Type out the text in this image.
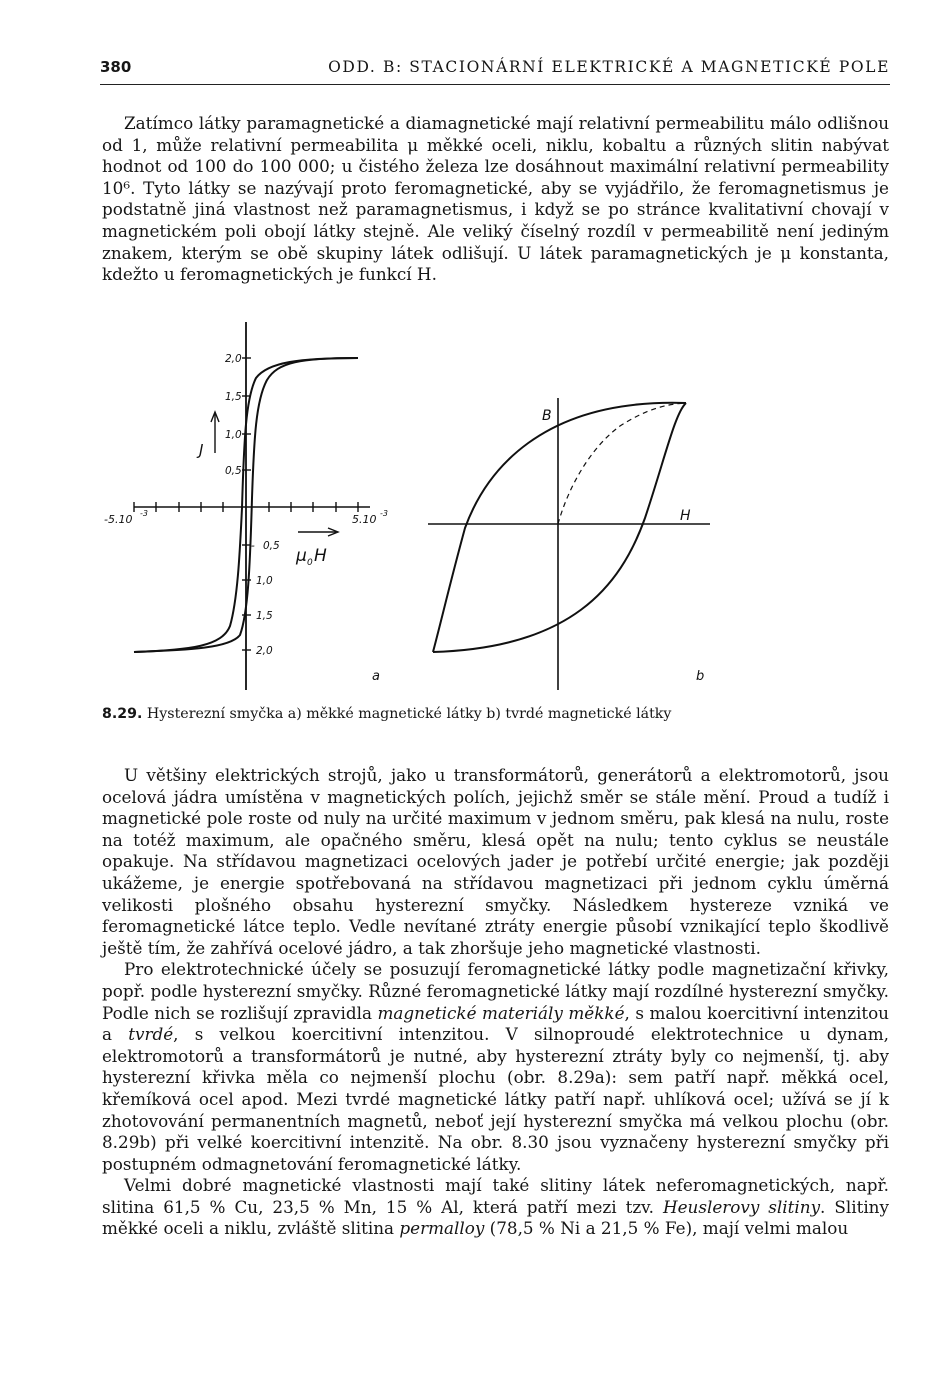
380	ODD. B: STACIONÁRNÍ ELEKTRICKÉ A MAGNETICKÉ POLE

Zatímco látky paramagnetické a diamagnetické mají relativní permeabilitu málo odlišnou od 1, může relativní permeabilita μ měkké oceli, niklu, kobaltu a různých slitin nabývat hodnot od 100 do 100 000; u čistého železa lze dosáhnout maximální relativní permeability 10⁶. Tyto látky se nazývají proto feromagnetické, aby se vyjádřilo, že feromagnetismus je podstatně jiná vlastnost než paramagnetismus, i když se po stránce kvalitativní chovají v magnetickém poli obojí látky stejně. Ale veliký číselný rozdíl v permeabilitě není jediným znakem, kterým se obě skupiny látek odlišují. U látek paramagnetických je μ konstanta, kdežto u feromagnetických je funkcí H.

2,0
1,5
1,0
0,5
- 0,5
1,0
1,5
2,0
-5.10 -3	5.10 -3
J
μ 0 H
a
B
H
b
8.29. Hysterezní smyčka a) měkké magnetické látky b) tvrdé magnetické látky

U většiny elektrických strojů, jako u transformátorů, generátorů a elektromotorů, jsou ocelová jádra umístěna v magnetických polích, jejichž směr se stále mění. Proud a tudíž i magnetické pole roste od nuly na určité maximum v jednom směru, pak klesá na nulu, roste na totéž maximum, ale opačného směru, klesá opět na nulu; tento cyklus se neustále opakuje. Na střídavou magnetizaci ocelových jader je potřebí určité energie; jak později ukážeme, je energie spotřebovaná na střídavou magnetizaci při jednom cyklu úměrná velikosti plošného obsahu hysterezní smyčky. Následkem hystereze vzniká ve feromagnetické látce teplo. Vedle nevítané ztráty energie působí vznikající teplo škodlivě ještě tím, že zahřívá ocelové jádro, a tak zhoršuje jeho magnetické vlastnosti.

Pro elektrotechnické účely se posuzují feromagnetické látky podle magnetizační křivky, popř. podle hysterezní smyčky. Různé feromagnetické látky mají rozdílné hysterezní smyčky. Podle nich se rozlišují zpravidla magnetické materiály měkké, s malou koercitivní intenzitou a tvrdé, s velkou koercitivní intenzitou. V silnoproudé elektrotechnice u dynam, elektromotorů a transformátorů je nutné, aby hysterezní ztráty byly co nejmenší, tj. aby hysterezní křivka měla co nejmenší plochu (obr. 8.29a): sem patří např. měkká ocel, křemíková ocel apod. Mezi tvrdé magnetické látky patří např. uhlíková ocel; užívá se jí k zhotovování permanentních magnetů, neboť její hysterezní smyčka má velkou plochu (obr. 8.29b) při velké koercitivní intenzitě. Na obr. 8.30 jsou vyznačeny hysterezní smyčky při postupném odmagnetování feromagnetické látky.

Velmi dobré magnetické vlastnosti mají také slitiny látek neferomagnetických, např. slitina 61,5 % Cu, 23,5 % Mn, 15 % Al, která patří mezi tzv. Heuslerovy slitiny. Slitiny měkké oceli a niklu, zvláště slitina permalloy (78,5 % Ni a 21,5 % Fe), mají velmi malou
